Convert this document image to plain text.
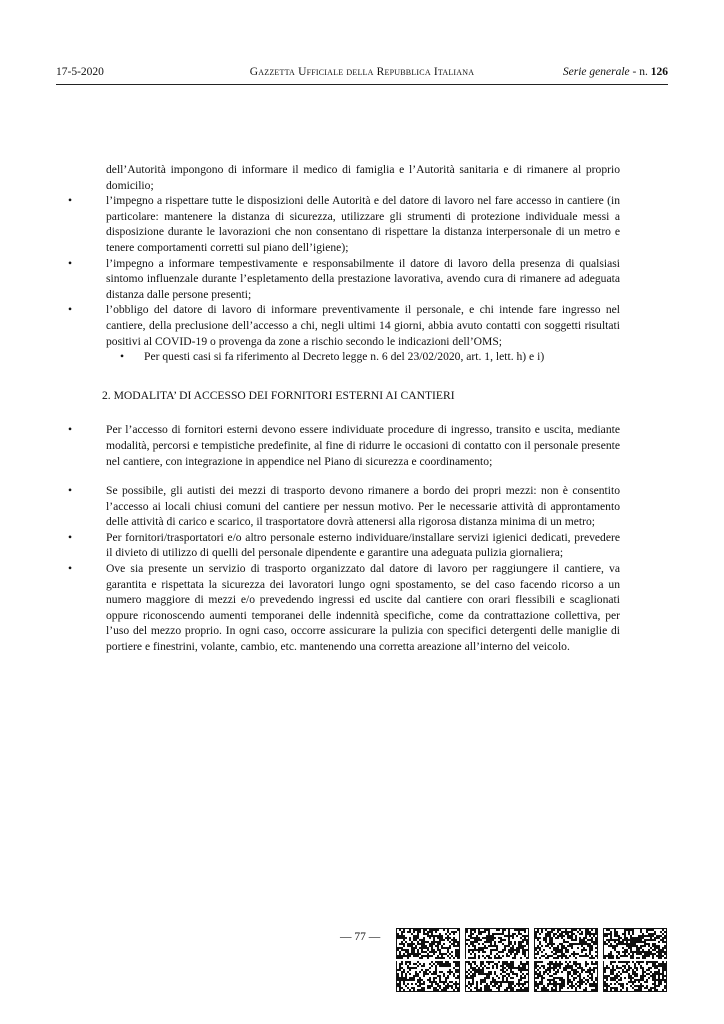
17-5-2020	Gazzetta Ufficiale della Repubblica Italiana	Serie generale - n. 126
dell’Autorità impongono di informare il medico di famiglia e l’Autorità sanitaria e di rimanere al proprio domicilio;
•	l’impegno a rispettare tutte le disposizioni delle Autorità e del datore di lavoro nel fare accesso in cantiere (in particolare: mantenere la distanza di sicurezza, utilizzare gli strumenti di protezione individuale messi a disposizione durante le lavorazioni che non consentano di rispettare la distanza interpersonale di un metro e tenere comportamenti corretti sul piano dell’igiene);
•	l’impegno a informare tempestivamente e responsabilmente il datore di lavoro della presenza di qualsiasi sintomo influenzale durante l’espletamento della prestazione lavorativa, avendo cura di rimanere ad adeguata distanza dalle persone presenti;
•	l’obbligo del datore di lavoro di informare preventivamente il personale, e chi intende fare ingresso nel cantiere, della preclusione dell’accesso a chi, negli ultimi 14 giorni, abbia avuto contatti con soggetti risultati positivi al COVID-19 o provenga da zone a rischio secondo le indicazioni dell’OMS;
• Per questi casi si fa riferimento al Decreto legge n. 6 del 23/02/2020, art. 1, lett. h) e i)
2. MODALITA’ DI ACCESSO DEI FORNITORI ESTERNI AI CANTIERI
•	Per l’accesso di fornitori esterni devono essere individuate procedure di ingresso, transito e uscita, mediante modalità, percorsi e tempistiche predefinite, al fine di ridurre le occasioni di contatto con il personale presente nel cantiere, con integrazione in appendice nel Piano di sicurezza e coordinamento;
•	Se possibile, gli autisti dei mezzi di trasporto devono rimanere a bordo dei propri mezzi: non è consentito l’accesso ai locali chiusi comuni del cantiere per nessun motivo. Per le necessarie attività di approntamento delle attività di carico e scarico, il trasportatore dovrà attenersi alla rigorosa distanza minima di un metro;
•	Per fornitori/trasportatori e/o altro personale esterno individuare/installare servizi igienici dedicati, prevedere il divieto di utilizzo di quelli del personale dipendente e garantire una adeguata pulizia giornaliera;
•	Ove sia presente un servizio di trasporto organizzato dal datore di lavoro per raggiungere il cantiere, va garantita e rispettata la sicurezza dei lavoratori lungo ogni spostamento, se del caso facendo ricorso a un numero maggiore di mezzi e/o prevedendo ingressi ed uscite dal cantiere con orari flessibili e scaglionati oppure riconoscendo aumenti temporanei delle indennità specifiche, come da contrattazione collettiva, per l’uso del mezzo proprio. In ogni caso, occorre assicurare la pulizia con specifici detergenti delle maniglie di portiere e finestrini, volante, cambio, etc. mantenendo una corretta areazione all’interno del veicolo.
— 77 —
